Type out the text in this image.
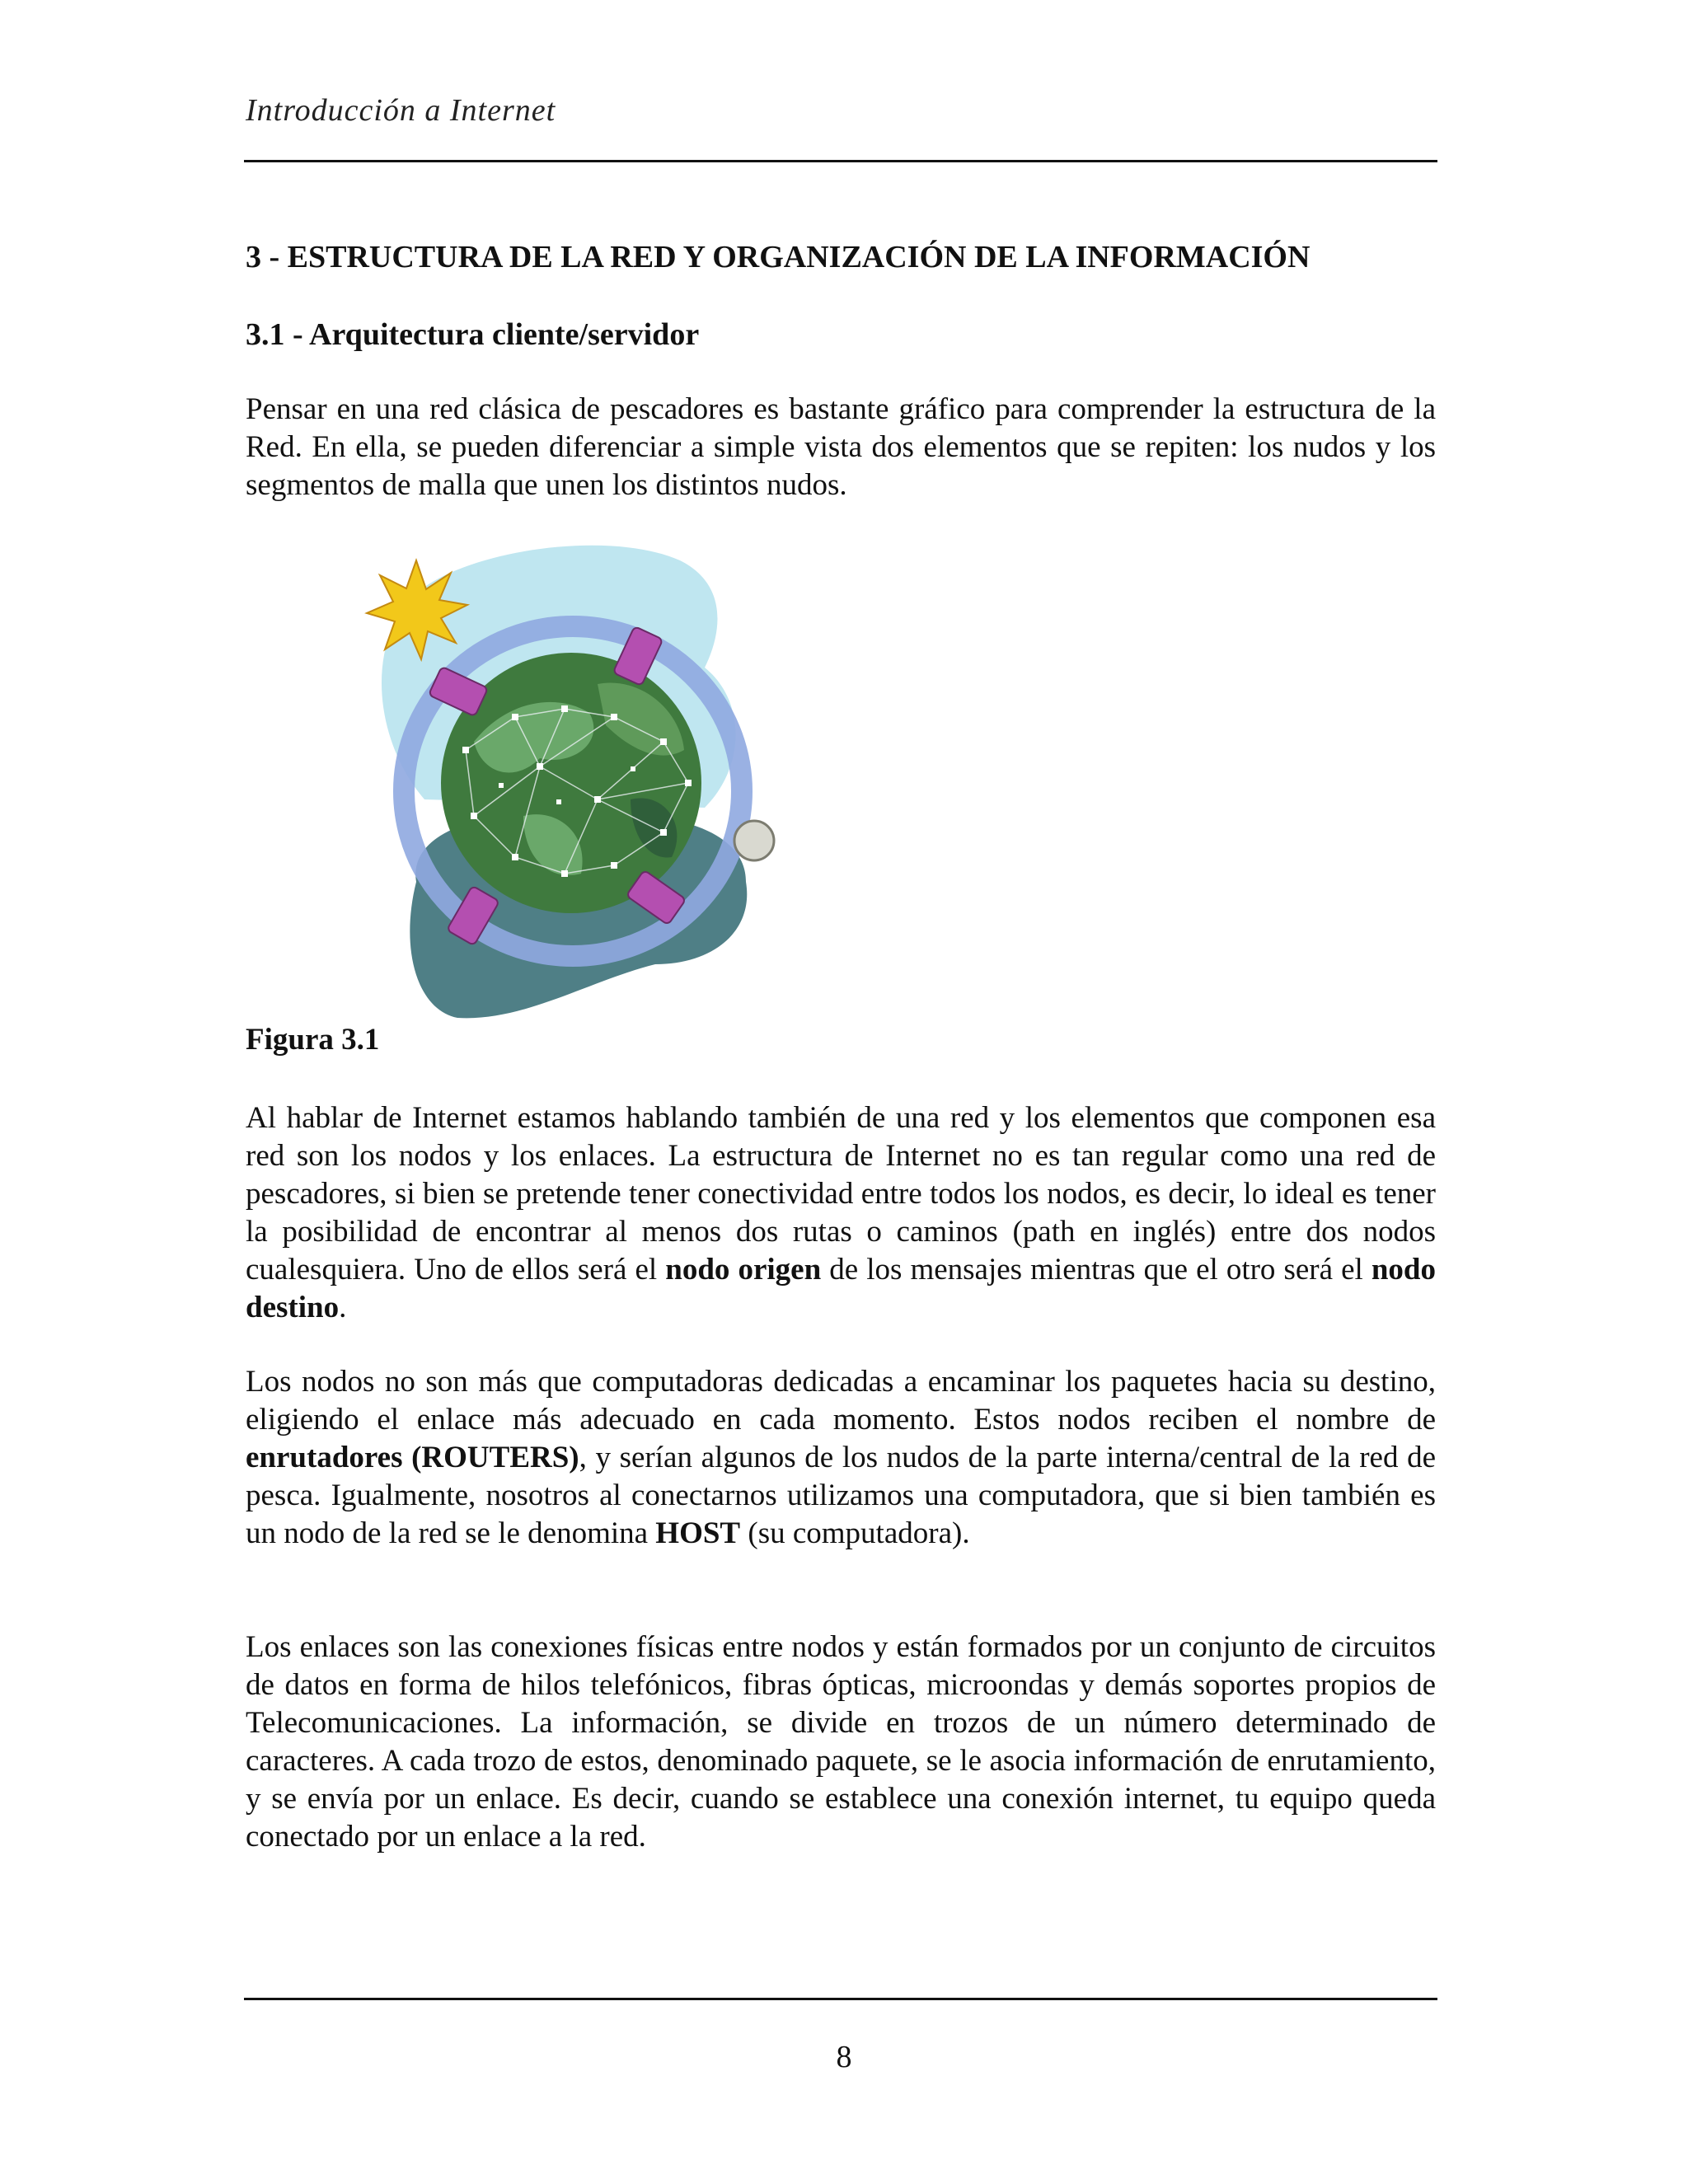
Introducción a Internet
3 - ESTRUCTURA DE LA RED Y ORGANIZACIÓN DE LA INFORMACIÓN
3.1 - Arquitectura cliente/servidor

Pensar en una red clásica de pescadores es bastante gráfico para comprender la estructura de la Red. En ella, se pueden diferenciar a simple vista dos elementos que se repiten: los nudos y los segmentos de malla que unen los distintos nudos.

Figura 3.1

Al hablar de Internet estamos hablando también de una red y los elementos que componen esa red son los nodos y los enlaces. La estructura de Internet no es tan regular como una red de pescadores, si bien se pretende tener conectividad entre todos los nodos, es decir, lo ideal es tener la posibilidad de encontrar al menos dos rutas o caminos (path en inglés) entre dos nodos cualesquiera. Uno de ellos será el nodo origen de los mensajes mientras que el otro será el nodo destino.

Los nodos no son más que computadoras dedicadas a encaminar los paquetes hacia su destino, eligiendo el enlace más adecuado en cada momento. Estos nodos reciben el nombre de enrutadores (ROUTERS), y serían algunos de los nudos de la parte interna/central de la red de pesca. Igualmente, nosotros al conectarnos utilizamos una computadora, que si bien también es un nodo de la red se le denomina HOST (su computadora).

Los enlaces son las conexiones físicas entre nodos y están formados por un conjunto de circuitos de datos en forma de hilos telefónicos, fibras ópticas, microondas y demás soportes propios de Telecomunicaciones. La información, se divide en trozos de un número determinado de caracteres. A cada trozo de estos, denominado paquete, se le asocia información de enrutamiento, y se envía por un enlace. Es decir, cuando se establece una conexión internet, tu equipo queda conectado por un enlace a la red.

8
